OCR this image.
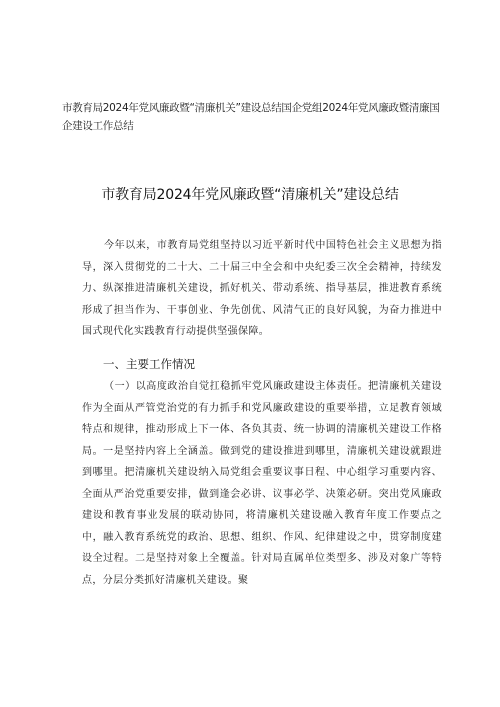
市教育局2024年党风廉政暨“清廉机关”建设总结国企党组2024年党风廉政暨清廉国企建设工作总结
市教育局2024年党风廉政暨“清廉机关”建设总结
今年以来，市教育局党组坚持以习近平新时代中国特色社会主义思想为指导，深入贯彻党的二十大、二十届三中全会和中央纪委三次全会精神，持续发力、纵深推进清廉机关建设，抓好机关、带动系统、指导基层，推进教育系统形成了担当作为、干事创业、争先创优、风清气正的良好风貌，为奋力推进中国式现代化实践教育行动提供坚强保障。
一、主要工作情况
（一）以高度政治自觉扛稳抓牢党风廉政建设主体责任。把清廉机关建设作为全面从严管党治党的有力抓手和党风廉政建设的重要举措，立足教育领域特点和规律，推动形成上下一体、各负其责、统一协调的清廉机关建设工作格局。一是坚持内容上全涵盖。做到党的建设推进到哪里，清廉机关建设就跟进到哪里。把清廉机关建设纳入局党组会重要议事日程、中心组学习重要内容、全面从严治党重要安排，做到逢会必讲、议事必学、决策必研。突出党风廉政建设和教育事业发展的联动协同，将清廉机关建设融入教育年度工作要点之中，融入教育系统党的政治、思想、组织、作风、纪律建设之中，贯穿制度建设全过程。二是坚持对象上全覆盖。针对局直属单位类型多、涉及对象广等特点，分层分类抓好清廉机关建设。聚
